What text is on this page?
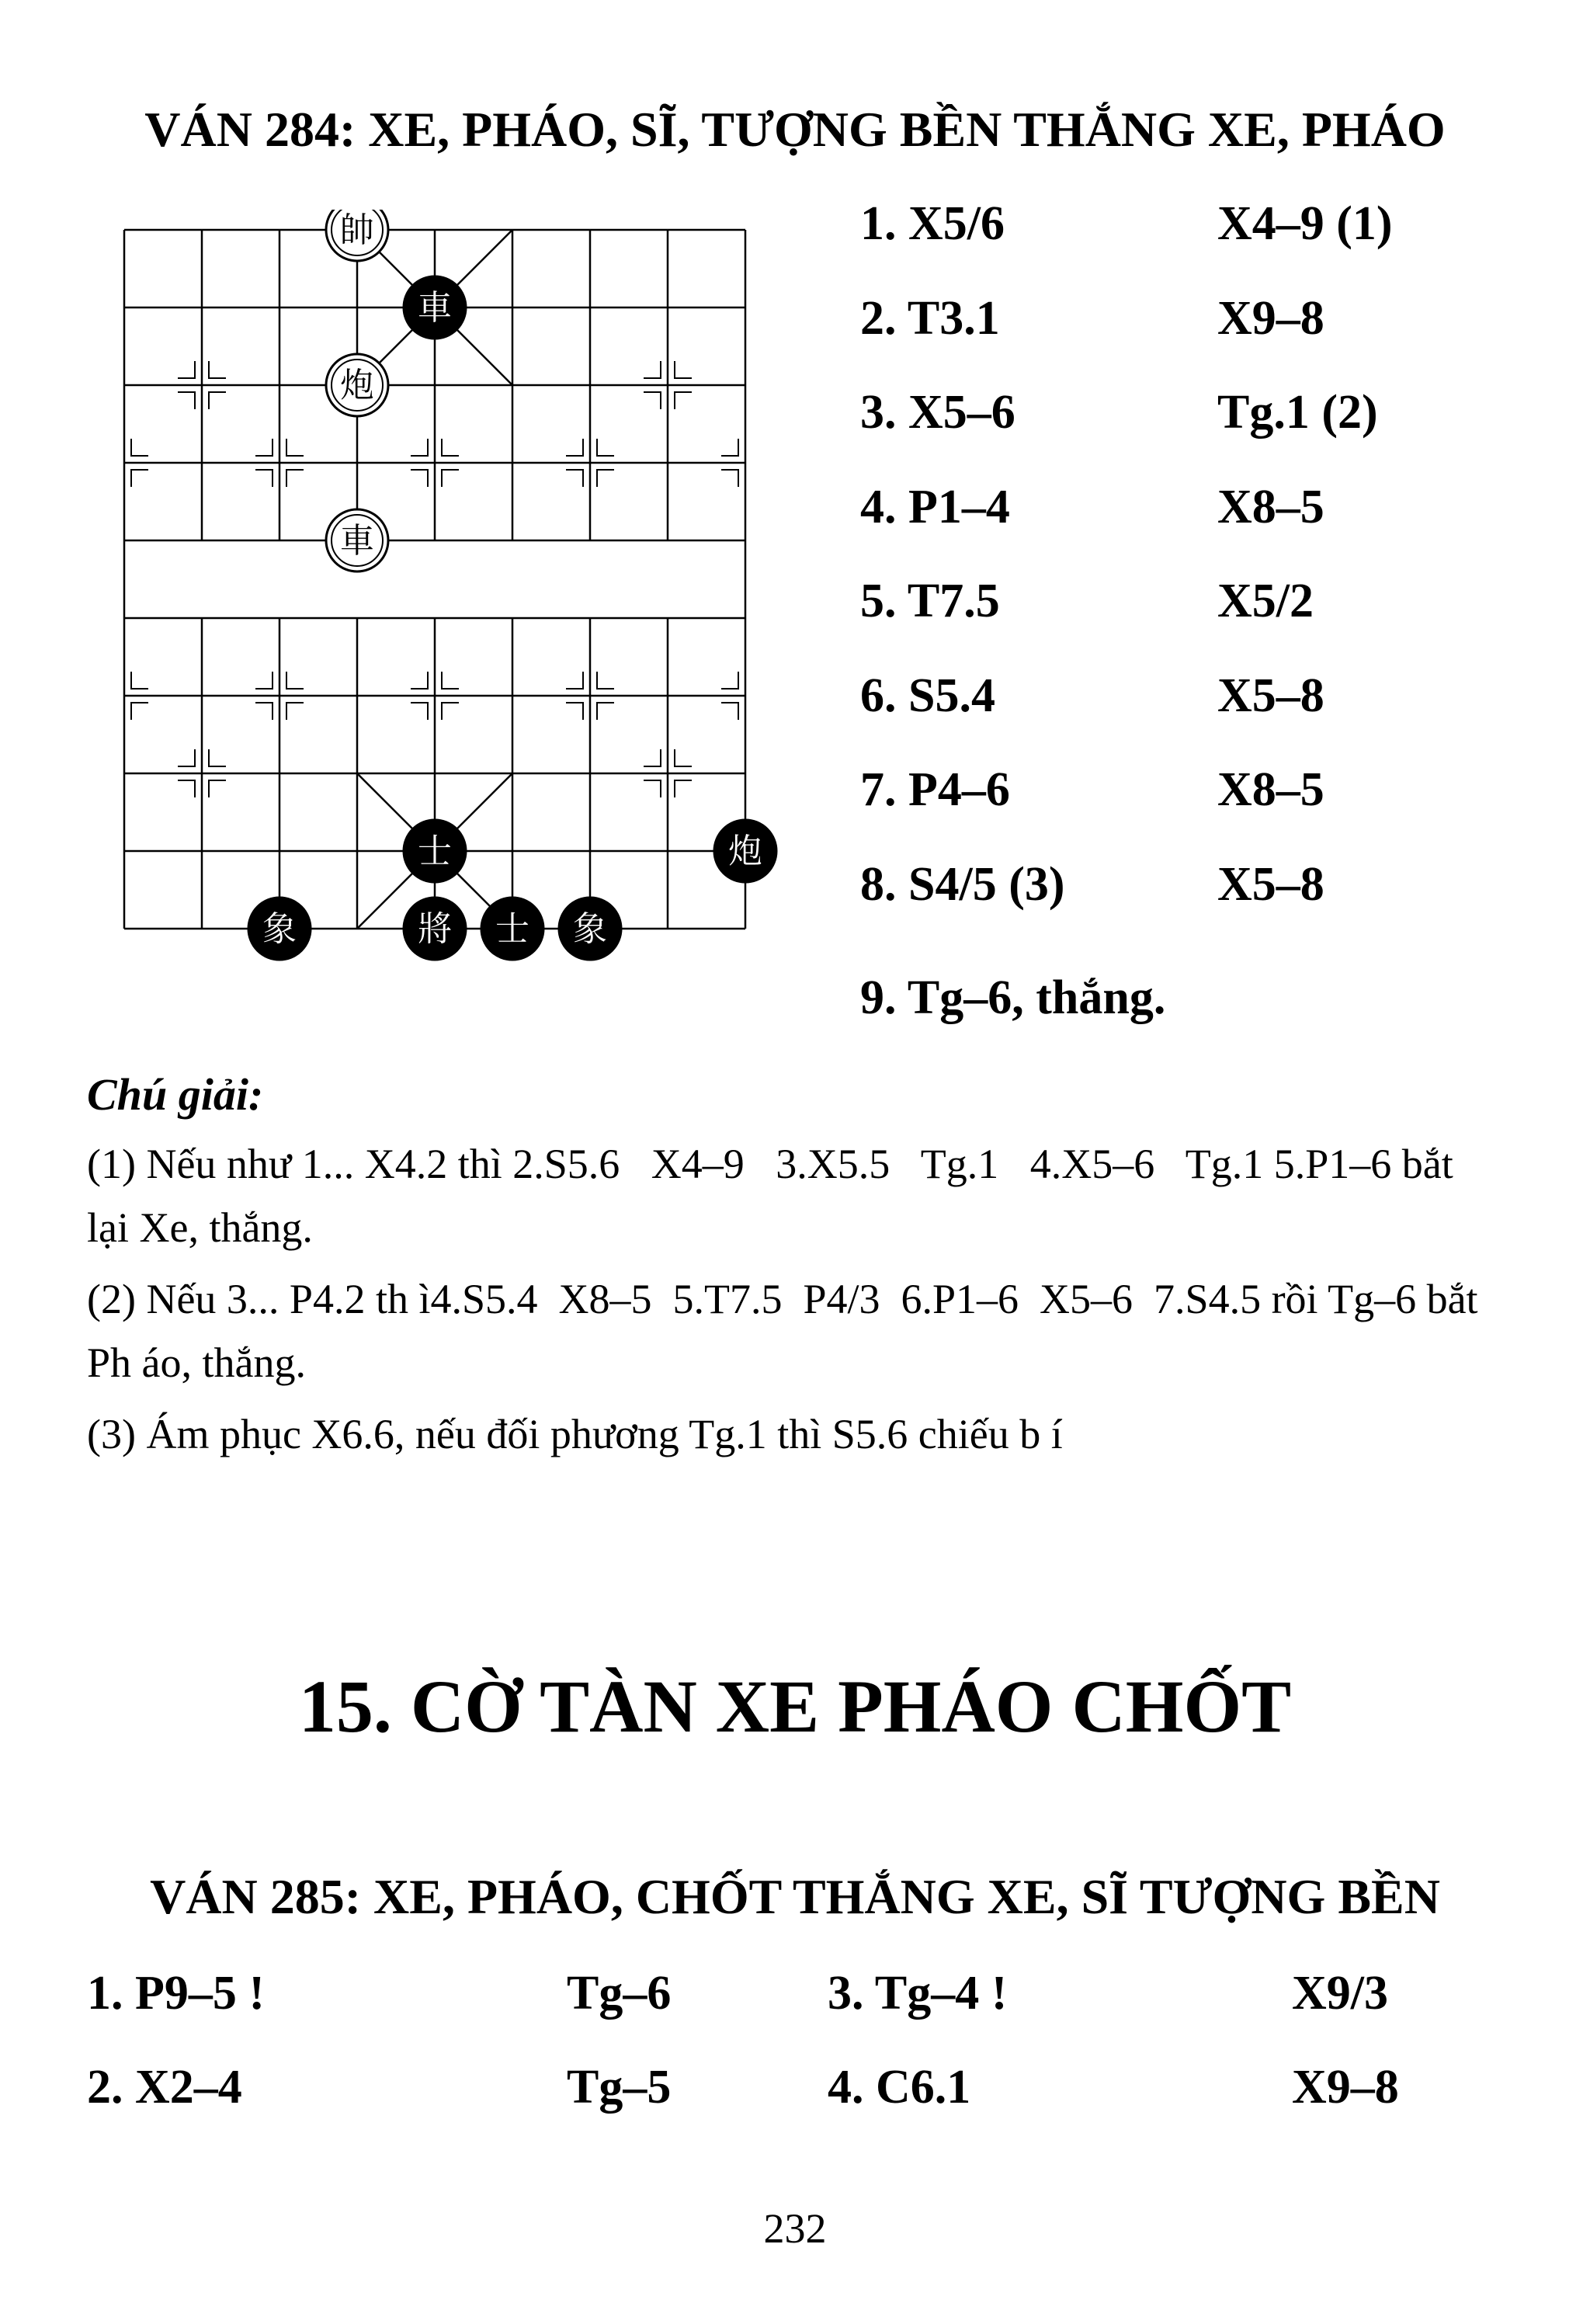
VÁN 284: XE, PHÁO, SĨ, TƯỢNG BỀN THẮNG XE, PHÁO
帥
車
炮
車
士	炮
象	將 士 象
1. X5/6	X4–9 (1)
2. T3.1	X9–8
3. X5–6	Tg.1 (2)
4. P1–4	X8–5
5. T7.5	X5/2
6. S5.4	X5–8
7. P4–6	X8–5
8. S4/5 (3)	X5–8
9. Tg–6, thắng.
Chú giải:
(1) Nếu như 1... X4.2 thì 2.S5.6   X4–9   3.X5.5   Tg.1   4.X5–6   Tg.1 5.P1–6 bắt lại Xe, thắng.
(2) Nếu 3... P4.2 th ì4.S5.4  X8–5  5.T7.5  P4/3  6.P1–6  X5–6  7.S4.5 rồi Tg–6 bắt Ph áo, thắng.
(3) Ám phục X6.6, nếu đối phương Tg.1 thì S5.6 chiếu b í
15. CỜ TÀN XE PHÁO CHỐT
VÁN 285: XE, PHÁO, CHỐT THẮNG XE, SĨ TƯỢNG BỀN
1. P9–5 !	Tg–6	3. Tg–4 !	X9/3
2. X2–4	Tg–5	4. C6.1	X9–8
232
